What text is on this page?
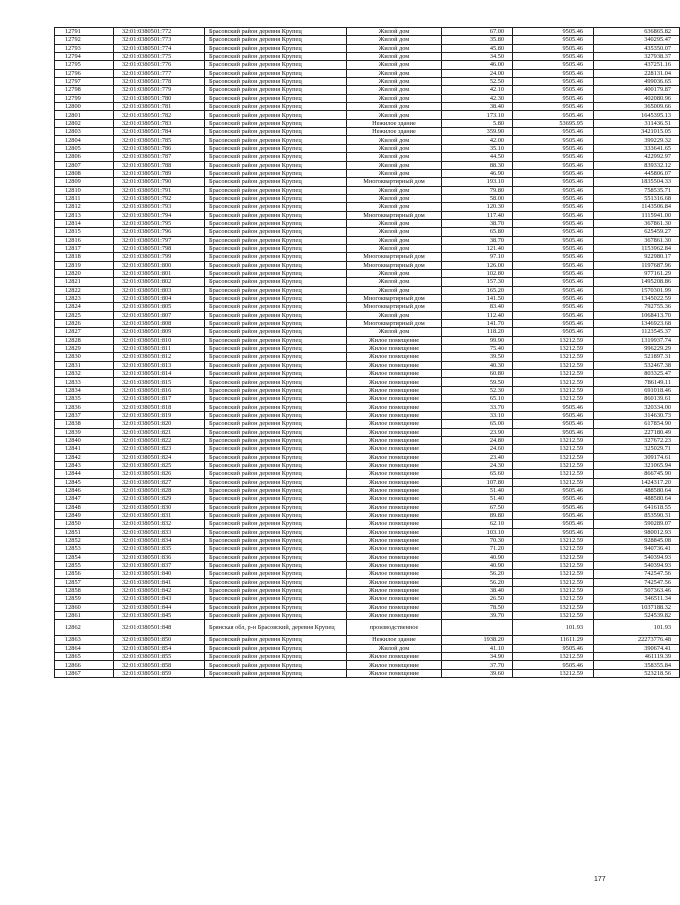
12791	32:01:0380501:772	Брасовский район деревня Крупец	Жилой дом	67.00	9505.46	636865.82
12792	32:01:0380501:773	Брасовский район деревня Крупец	Жилой дом	35.80	9505.46	340295.47
12793	32:01:0380501:774	Брасовский район деревня Крупец	Жилой дом	45.80	9505.46	435350.07
12794	32:01:0380501:775	Брасовский район деревня Крупец	Жилой дом	34.50	9505.46	327938.37
12795	32:01:0380501:776	Брасовский район деревня Крупец	Жилой дом	46.00	9505.46	437251.16
12796	32:01:0380501:777	Брасовский район деревня Крупец	Жилой дом	24.00	9505.46	228131.04
12797	32:01:0380501:778	Брасовский район деревня Крупец	Жилой дом	52.50	9505.46	499036.65
12798	32:01:0380501:779	Брасовский район деревня Крупец	Жилой дом	42.10	9505.46	400179.87
12799	32:01:0380501:780	Брасовский район деревня Крупец	Жилой дом	42.30	9505.46	402080.96
12800	32:01:0380501:781	Брасовский район деревня Крупец	Жилой дом	38.40	9505.46	365009.66
12801	32:01:0380501:782	Брасовский район деревня Крупец	Жилой дом	173.10	9505.46	1645395.13
12802	32:01:0380501:783	Брасовский район деревня Крупец	Нежилое здание	5.80	53695.95	311436.51
12803	32:01:0380501:784	Брасовский район деревня Крупец	Нежилое здание	359.90	9505.46	3421015.05
12804	32:01:0380501:785	Брасовский район деревня Крупец	Жилой дом	42.00	9505.46	399229.32
12805	32:01:0380501:786	Брасовский район деревня Крупец	Жилой дом	35.10	9505.46	333641.65
12806	32:01:0380501:787	Брасовский район деревня Крупец	Жилой дом	44.50	9505.46	422992.97
12807	32:01:0380501:788	Брасовский район деревня Крупец	Жилой дом	88.30	9505.46	839332.12
12808	32:01:0380501:789	Брасовский район деревня Крупец	Жилой дом	46.90	9505.46	445806.07
12809	32:01:0380501:790	Брасовский район деревня Крупец	Многоквартирный дом	193.10	9505.46	1835504.33
12810	32:01:0380501:791	Брасовский район деревня Крупец	Жилой дом	79.80	9505.46	758535.71
12811	32:01:0380501:792	Брасовский район деревня Крупец	Жилой дом	58.00	9505.46	551316.68
12812	32:01:0380501:793	Брасовский район деревня Крупец	Жилой дом	120.30	9505.46	1143506.84
12813	32:01:0380501:794	Брасовский район деревня Крупец	Многоквартирный дом	117.40	9505.46	1115941.00
12814	32:01:0380501:795	Брасовский район деревня Крупец	Жилой дом	38.70	9505.46	367861.30
12815	32:01:0380501:796	Брасовский район деревня Крупец	Жилой дом	65.80	9505.46	625459.27
12816	32:01:0380501:797	Брасовский район деревня Крупец	Жилой дом	38.70	9505.46	367861.30
12817	32:01:0380501:798	Брасовский район деревня Крупец	Жилой дом	121.40	9505.46	1153962.84
12818	32:01:0380501:799	Брасовский район деревня Крупец	Многоквартирный дом	97.10	9505.46	922980.17
12819	32:01:0380501:800	Брасовский район деревня Крупец	Многоквартирный дом	126.00	9505.46	1197687.96
12820	32:01:0380501:801	Брасовский район деревня Крупец	Жилой дом	102.80	9505.46	977161.29
12821	32:01:0380501:802	Брасовский район деревня Крупец	Жилой дом	157.30	9505.46	1495208.86
12822	32:01:0380501:803	Брасовский район деревня Крупец	Жилой дом	165.20	9505.46	1570301.99
12823	32:01:0380501:804	Брасовский район деревня Крупец	Многоквартирный дом	141.50	9505.46	1345022.59
12824	32:01:0380501:805	Брасовский район деревня Крупец	Многоквартирный дом	83.40	9505.46	792755.36
12825	32:01:0380501:807	Брасовский район деревня Крупец	Жилой дом	112.40	9505.46	1068413.70
12826	32:01:0380501:808	Брасовский район деревня Крупец	Многоквартирный дом	141.70	9505.46	1346923.68
12827	32:01:0380501:809	Брасовский район деревня Крупец	Жилой дом	118.20	9505.46	1123545.37
12828	32:01:0380501:810	Брасовский район деревня Крупец	Жилое помещение	99.90	13212.59	1319937.74
12829	32:01:0380501:811	Брасовский район деревня Крупец	Жилое помещение	75.40	13212.59	996229.29
12830	32:01:0380501:812	Брасовский район деревня Крупец	Жилое помещение	39.50	13212.59	521897.31
12831	32:01:0380501:813	Брасовский район деревня Крупец	Жилое помещение	40.30	13212.59	532467.38
12832	32:01:0380501:814	Брасовский район деревня Крупец	Жилое помещение	60.80	13212.59	803325.47
12833	32:01:0380501:815	Брасовский район деревня Крупец	Жилое помещение	59.50	13212.59	786149.11
12834	32:01:0380501:816	Брасовский район деревня Крупец	Жилое помещение	52.30	13212.59	691018.46
12835	32:01:0380501:817	Брасовский район деревня Крупец	Жилое помещение	65.10	13212.59	860139.61
12836	32:01:0380501:818	Брасовский район деревня Крупец	Жилое помещение	33.70	9505.46	320334.00
12837	32:01:0380501:819	Брасовский район деревня Крупец	Жилое помещение	33.10	9505.46	314630.73
12838	32:01:0380501:820	Брасовский район деревня Крупец	Жилое помещение	65.00	9505.46	617854.90
12839	32:01:0380501:821	Брасовский район деревня Крупец	Жилое помещение	23.90	9505.46	227180.49
12840	32:01:0380501:822	Брасовский район деревня Крупец	Жилое помещение	24.80	13212.59	327672.23
12841	32:01:0380501:823	Брасовский район деревня Крупец	Жилое помещение	24.60	13212.59	325029.71
12842	32:01:0380501:824	Брасовский район деревня Крупец	Жилое помещение	23.40	13212.59	309174.61
12843	32:01:0380501:825	Брасовский район деревня Крупец	Жилое помещение	24.30	13212.59	321065.94
12844	32:01:0380501:826	Брасовский район деревня Крупец	Жилое помещение	65.60	13212.59	866745.90
12845	32:01:0380501:827	Брасовский район деревня Крупец	Жилое помещение	107.80	13212.59	1424317.20
12846	32:01:0380501:828	Брасовский район деревня Крупец	Жилое помещение	51.40	9505.46	488580.64
12847	32:01:0380501:829	Брасовский район деревня Крупец	Жилое помещение	51.40	9505.46	488580.64
12848	32:01:0380501:830	Брасовский район деревня Крупец	Жилое помещение	67.50	9505.46	641618.55
12849	32:01:0380501:831	Брасовский район деревня Крупец	Жилое помещение	89.80	9505.46	853590.31
12850	32:01:0380501:832	Брасовский район деревня Крупец	Жилое помещение	62.10	9505.46	590289.07
12851	32:01:0380501:833	Брасовский район деревня Крупец	Жилое помещение	103.10	9505.46	980012.93
12852	32:01:0380501:834	Брасовский район деревня Крупец	Жилое помещение	70.30	13212.59	928845.08
12853	32:01:0380501:835	Брасовский район деревня Крупец	Жилое помещение	71.20	13212.59	940736.41
12854	32:01:0380501:836	Брасовский район деревня Крупец	Жилое помещение	40.90	13212.59	540394.93
12855	32:01:0380501:837	Брасовский район деревня Крупец	Жилое помещение	40.90	13212.59	540394.93
12856	32:01:0380501:840	Брасовский район деревня Крупец	Жилое помещение	56.20	13212.59	742547.56
12857	32:01:0380501:841	Брасовский район деревня Крупец	Жилое помещение	56.20	13212.59	742547.56
12858	32:01:0380501:842	Брасовский район деревня Крупец	Жилое помещение	38.40	13212.59	507363.46
12859	32:01:0380501:843	Брасовский район деревня Крупец	Жилое помещение	26.50	13212.59	346511.34
12860	32:01:0380501:844	Брасовский район деревня Крупец	Жилое помещение	78.50	13212.59	1037188.32
12861	32:01:0380501:845	Брасовский район деревня Крупец	Жилое помещение	39.70	13212.59	524539.82
12862	32:01:0380501:848	Брянская обл, р-н Брасовский, деревня Крупец	производственное		101.93	101.93
12863	32:01:0380501:850	Брасовский район деревня Крупец	Нежилое здание	1938.20	11611.29	22273776.48
12864	32:01:0380501:854	Брасовский район деревня Крупец	Жилой дом	41.10	9505.46	390674.41
12865	32:01:0380501:855	Брасовский район деревня Крупец	Жилое помещение	34.90	13212.59	461119.39
12866	32:01:0380501:858	Брасовский район деревня Крупец	Жилое помещение	37.70	9505.46	358355.84
12867	32:01:0380501:859	Брасовский район деревня Крупец	Жилое помещение	39.60	13212.59	523218.56
177
